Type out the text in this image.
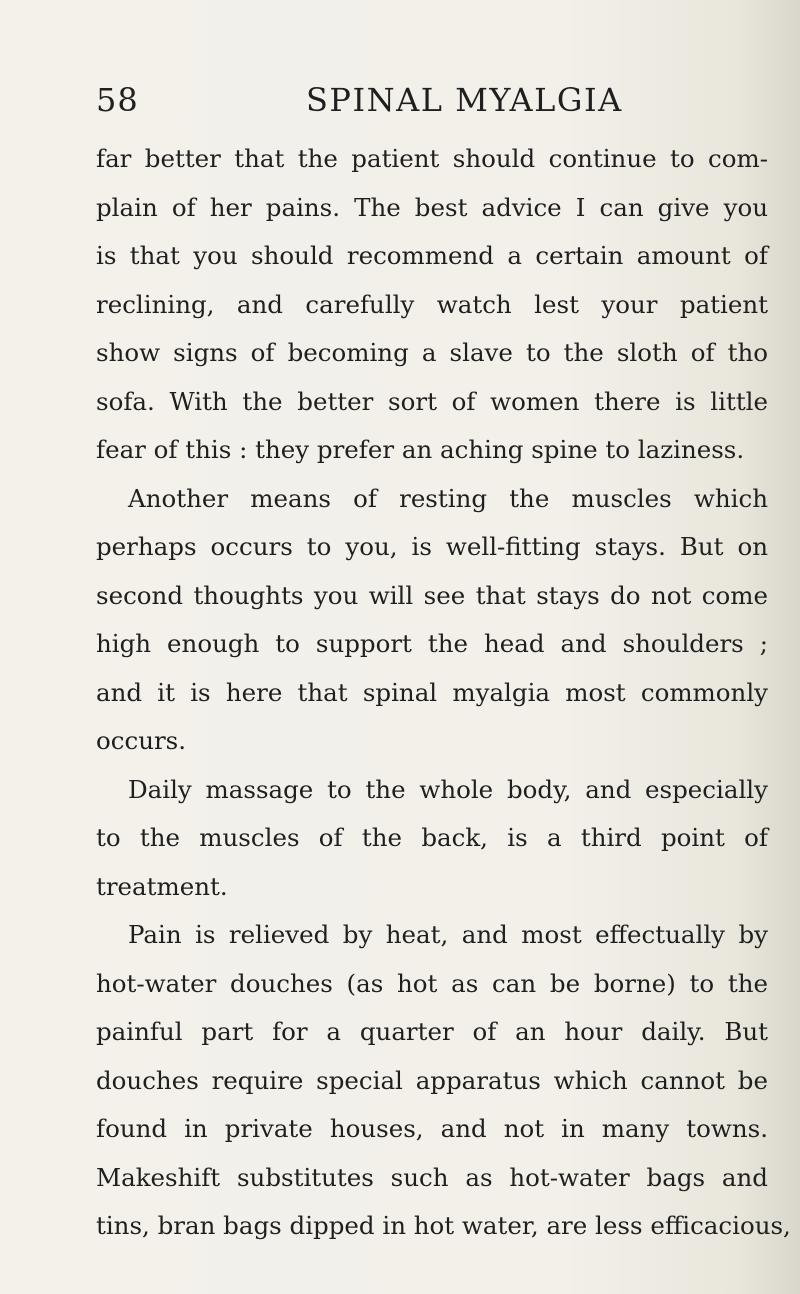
58	SPINAL MYALGIA

far better that the patient should continue to com-
plain of her pains. The best advice I can give you
is that you should recommend a certain amount of
reclining, and carefully watch lest your patient
show signs of becoming a slave to the sloth of tho
sofa. With the better sort of women there is little
fear of this : they prefer an aching spine to laziness.

Another means of resting the muscles which
perhaps occurs to you, is well-fitting stays. But on
second thoughts you will see that stays do not come
high enough to support the head and shoulders ;
and it is here that spinal myalgia most commonly
occurs.

Daily massage to the whole body, and especially
to the muscles of the back, is a third point of
treatment.

Pain is relieved by heat, and most effectually by
hot-water douches (as hot as can be borne) to the
painful part for a quarter of an hour daily. But
douches require special apparatus which cannot be
found in private houses, and not in many towns.
Makeshift substitutes such as hot-water bags and
tins, bran bags dipped in hot water, are less efficacious,
